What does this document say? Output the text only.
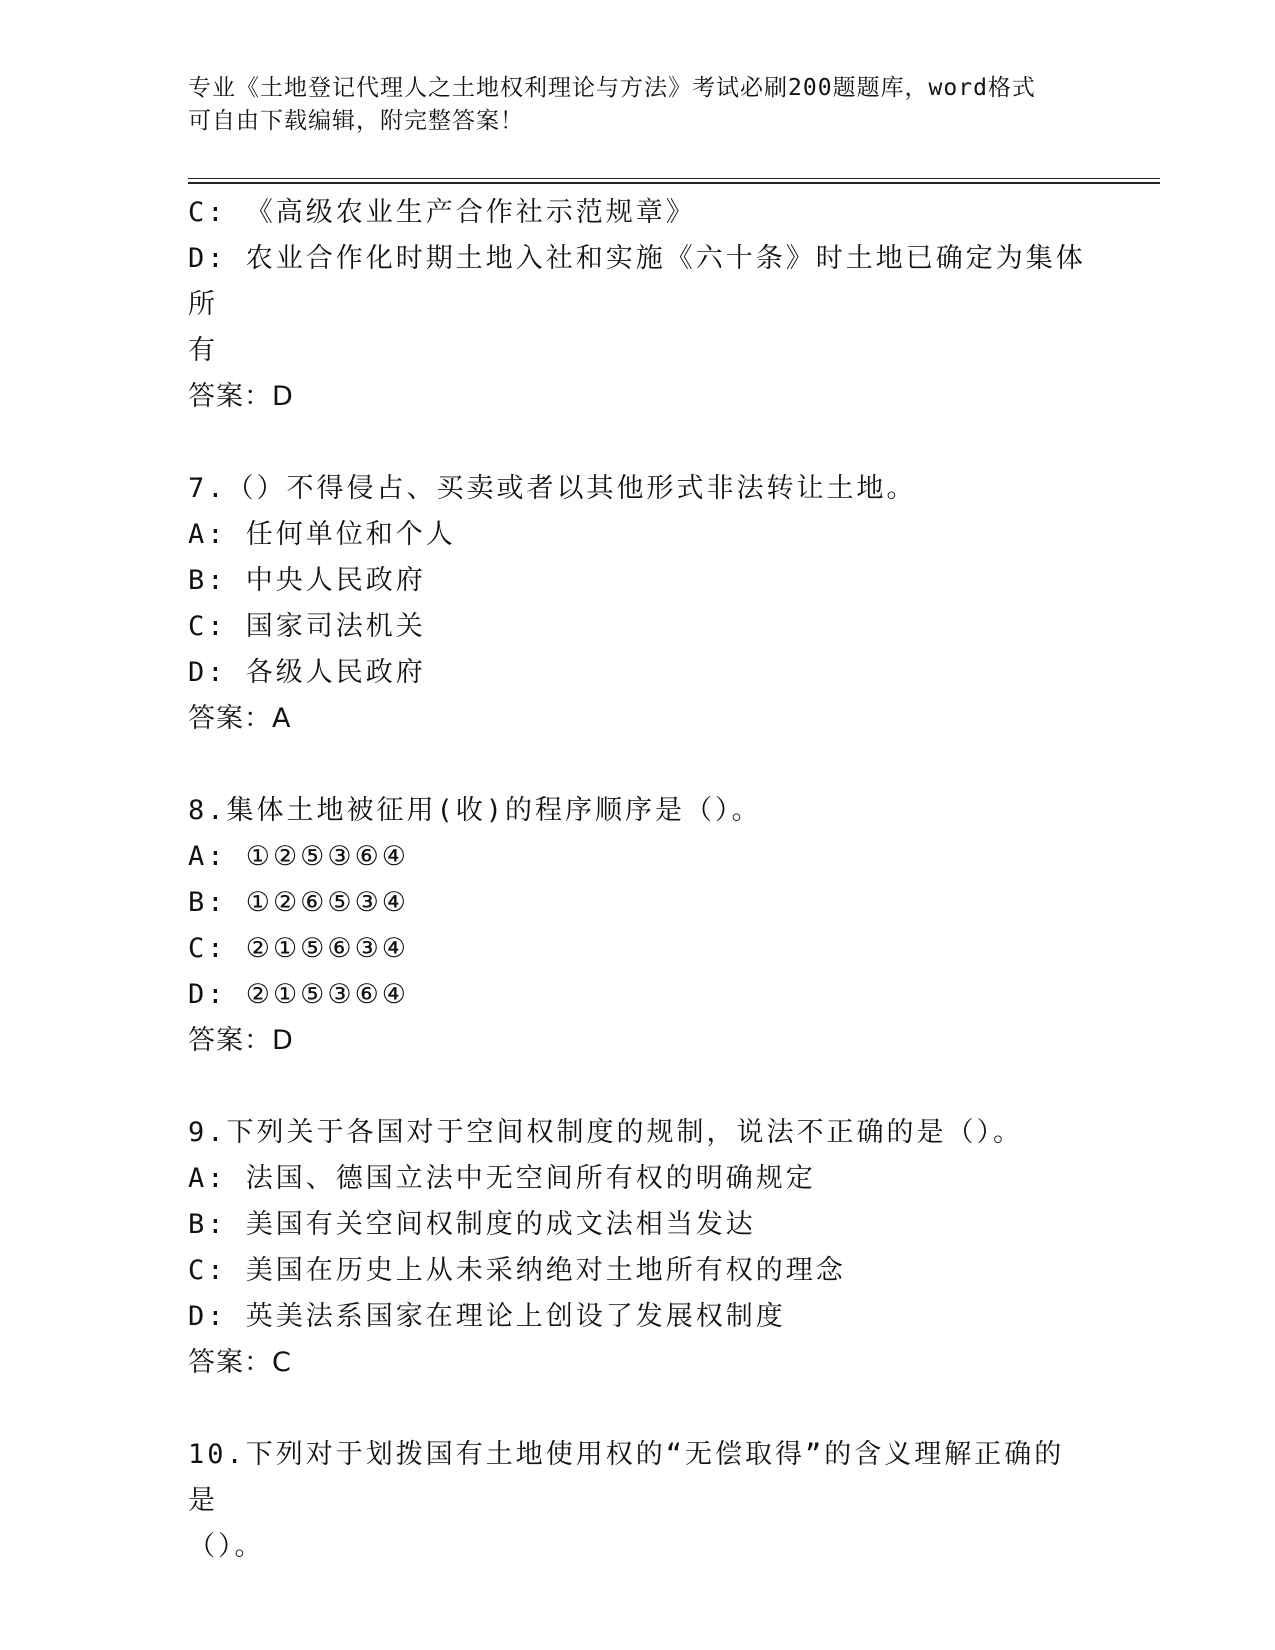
专业《土地登记代理人之土地权利理论与方法》考试必刷200题题库，word格式
可自由下载编辑，附完整答案！
C: 《高级农业生产合作社示范规章》
D: 农业合作化时期土地入社和实施《六十条》时土地已确定为集体所
有
答案：D
7.（）不得侵占、买卖或者以其他形式非法转让土地。
A: 任何单位和个人
B: 中央人民政府
C: 国家司法机关
D: 各级人民政府
答案：A
8.集体土地被征用(收)的程序顺序是（）。
A: ①②⑤③⑥④
B: ①②⑥⑤③④
C: ②①⑤⑥③④
D: ②①⑤③⑥④
答案：D
9.下列关于各国对于空间权制度的规制，说法不正确的是（）。
A: 法国、德国立法中无空间所有权的明确规定
B: 美国有关空间权制度的成文法相当发达
C: 美国在历史上从未采纳绝对土地所有权的理念
D: 英美法系国家在理论上创设了发展权制度
答案：C
10.下列对于划拨国有土地使用权的“无偿取得”的含义理解正确的是
（）。
